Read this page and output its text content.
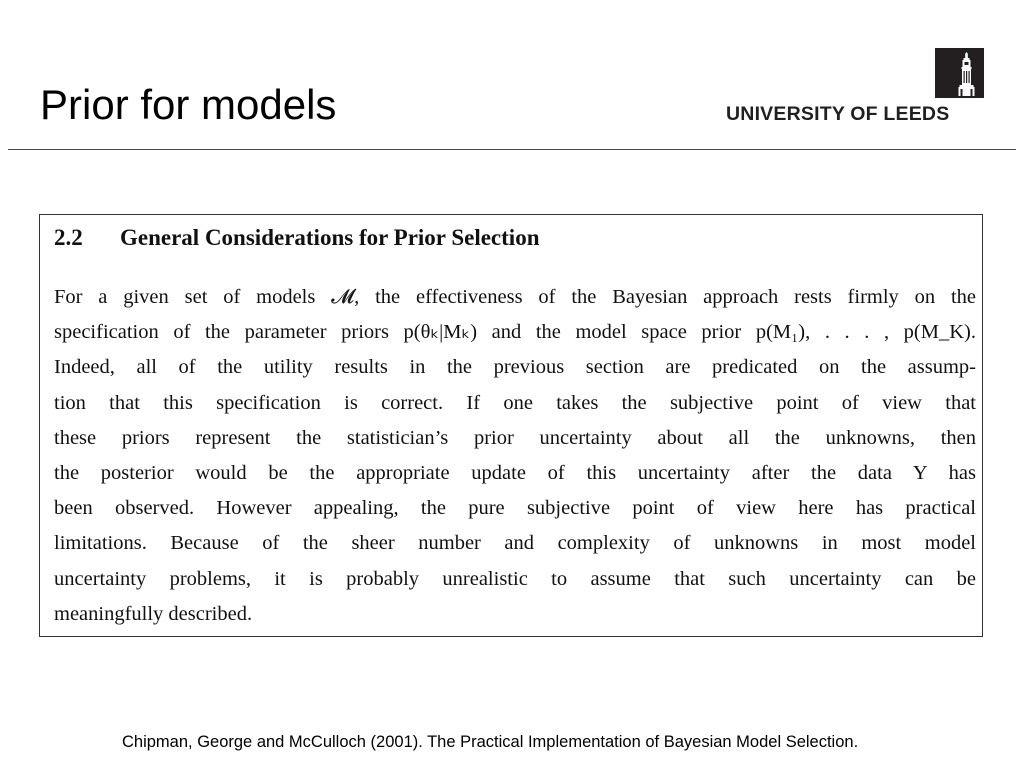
Prior for models	UNIVERSITY OF LEEDS
2.2 General Considerations for Prior Selection
For a given set of models 𝓜, the effectiveness of the Bayesian approach rests firmly on the
specification of the parameter priors p(θₖ|Mₖ) and the model space prior p(M₁), . . . , p(M_K).
Indeed, all of the utility results in the previous section are predicated on the assump-
tion that this specification is correct. If one takes the subjective point of view that
these priors represent the statistician’s prior uncertainty about all the unknowns, then
the posterior would be the appropriate update of this uncertainty after the data Y has
been observed. However appealing, the pure subjective point of view here has practical
limitations. Because of the sheer number and complexity of unknowns in most model
uncertainty problems, it is probably unrealistic to assume that such uncertainty can be
meaningfully described.

Chipman, George and McCulloch (2001). The Practical Implementation of Bayesian Model Selection.
